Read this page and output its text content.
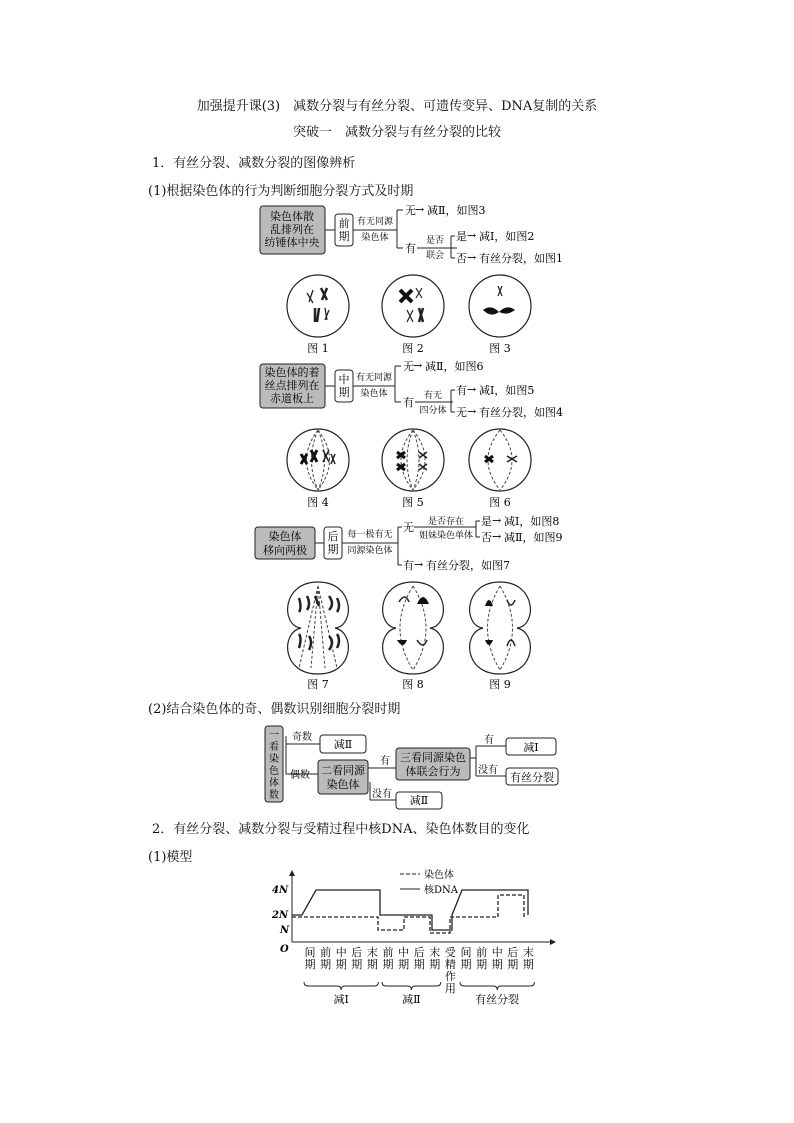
加强提升课(3)　减数分裂与有丝分裂、可遗传变异、DNA复制的关系
突破一　减数分裂与有丝分裂的比较
1．有丝分裂、减数分裂的图像辨析
(1)根据染色体的行为判断细胞分裂方式及时期
染色体散
乱排列在
纺锤体中央
前
期
有无同源
染色体
无 → 减Ⅱ，如图3
有
是否
联会
是 → 减Ⅰ，如图2
否 → 有丝分裂，如图1
图 1	图 2	图 3
染色体的着
丝点排列在
赤道板上
中
期
有无同源
染色体
无 → 减Ⅱ，如图6
有 有无
四分体
有 → 减Ⅰ，如图5
无 → 有丝分裂，如图4
图 4	图 5	图 6
染色体
移向两极
后
期
每一极有无
同源染色体
无 是否存在
姐妹染色单体
是 → 减Ⅰ，如图8
否 → 减Ⅱ，如图9
有 → 有丝分裂，如图7
图 7	图 8	图 9
(2)结合染色体的奇、偶数识别细胞分裂时期
一
看
染
色
体
数
奇数
减Ⅱ
偶数 二看同源
染色体
有
没有 减Ⅱ
三看同源染色
体联会行为
有
减Ⅰ
没有
有丝分裂
2．有丝分裂、减数分裂与受精过程中核DNA、染色体数目的变化
(1)模型
O
4N
2N
N
染色体
核DNA
间
期
前
期
中
期
后
期
末
期
前
期
中
期
后
期
末
期
受
精
作
用
间
期
前
期
中
期
后
期
末
期
减Ⅰ	减Ⅱ	有丝分裂
